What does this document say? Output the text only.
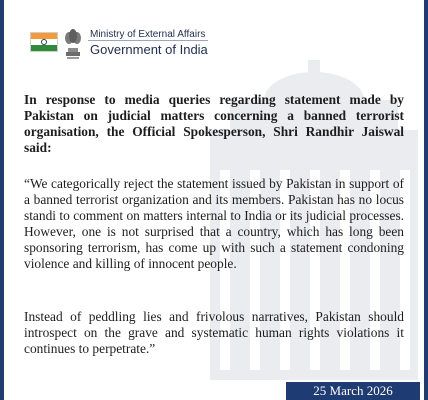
Ministry of External Affairs
Government of India
In response to media queries regarding statement made by Pakistan on judicial matters concerning a banned terrorist organisation, the Official Spokesperson, Shri Randhir Jaiswal said:
“We categorically reject the statement issued by Pakistan in support of a banned terrorist organization and its members. Pakistan has no locus standi to comment on matters internal to India or its judicial processes. However, one is not surprised that a country, which has long been sponsoring terrorism, has come up with such a statement condoning violence and killing of innocent people.
Instead of peddling lies and frivolous narratives, Pakistan should introspect on the grave and systematic human rights violations it continues to perpetrate.”
25 March 2026
